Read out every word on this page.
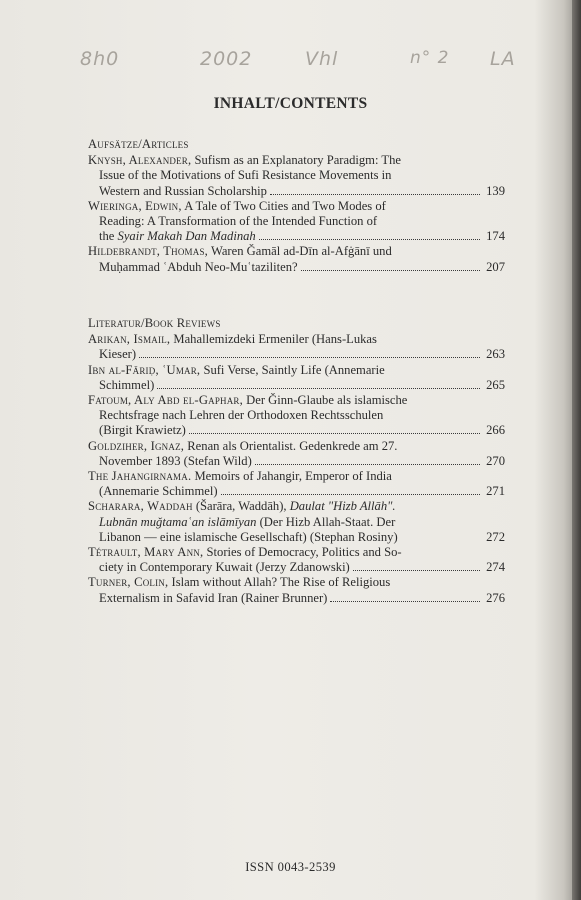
8h0	2002	Vhl	n° 2 LA
INHALT/CONTENTS
Aufsätze/Articles
Knysh, Alexander, Sufism as an Explanatory Paradigm: The
Issue of the Motivations of Sufi Resistance Movements in
Western and Russian Scholarship	139
Wieringa, Edwin, A Tale of Two Cities and Two Modes of
Reading: A Transformation of the Intended Function of
the
Syair Makah Dan Madinah	174
Hildebrandt, Thomas, Waren Ǧamāl ad-Dīn al-Afġānī und
Muḥammad ʿAbduh Neo-Muʿtaziliten?	207
Literatur/Book Reviews
Arikan, Ismail, Mahallemizdeki Ermeniler (Hans-Lukas
Kieser)	263
Ibn al-Fāriḍ, ʿUmar, Sufi Verse, Saintly Life (Annemarie
Schimmel)	265
Fatoum, Aly Abd el-Gaphar, Der Ǧinn-Glaube als islamische
Rechtsfrage nach Lehren der Orthodoxen Rechtsschulen
(Birgit Krawietz)	266
Goldziher, Ignaz, Renan als Orientalist. Gedenkrede am 27.
November 1893 (Stefan Wild)	270
The Jahangirnama. Memoirs of Jahangir, Emperor of India
(Annemarie Schimmel)	271
Scharara, Waddah (Šarāra, Waddāh), Daulat "Hizb Allāh".
Lubnān muǧtamaʿan islāmīyan (Der Hizb Allah-Staat. Der
Libanon — eine islamische Gesellschaft) (Stephan Rosiny)	272
Tétrault, Mary Ann, Stories of Democracy, Politics and So-
ciety in Contemporary Kuwait (Jerzy Zdanowski)	274
Turner, Colin, Islam without Allah? The Rise of Religious
Externalism in Safavid Iran (Rainer Brunner)	276
ISSN 0043-2539
